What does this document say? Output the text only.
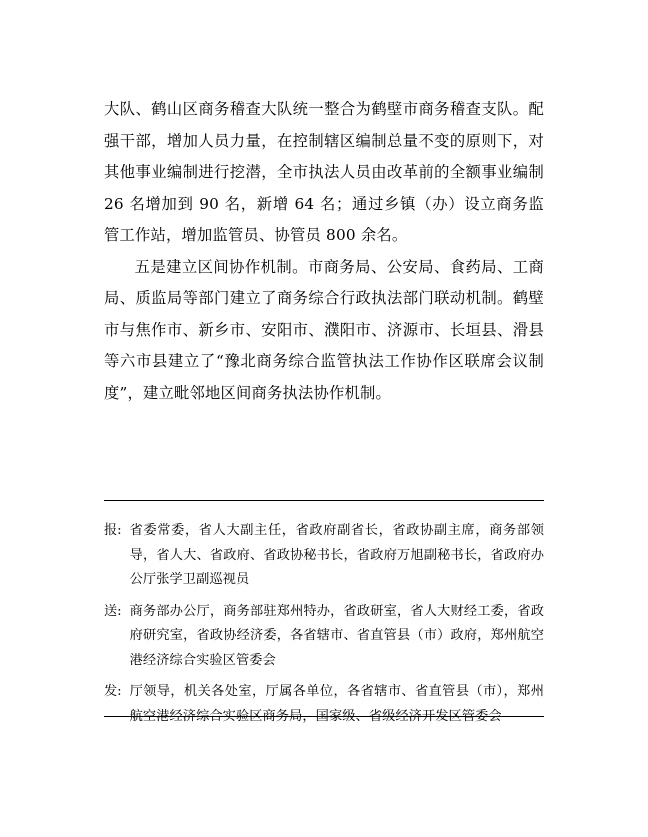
大队、鹤山区商务稽查大队统一整合为鹤壁市商务稽查支队。配强干部，增加人员力量，在控制辖区编制总量不变的原则下，对其他事业编制进行挖潜，全市执法人员由改革前的全额事业编制 26 名增加到 90 名，新增 64 名；通过乡镇（办）设立商务监管工作站，增加监管员、协管员 800 余名。

五是建立区间协作机制。市商务局、公安局、食药局、工商局、质监局等部门建立了商务综合行政执法部门联动机制。鹤壁市与焦作市、新乡市、安阳市、濮阳市、济源市、长垣县、滑县等六市县建立了“豫北商务综合监管执法工作协作区联席会议制度”，建立毗邻地区间商务执法协作机制。

报: 省委常委，省人大副主任，省政府副省长，省政协副主席，商务部领导，省人大、省政府、省政协秘书长，省政府万旭副秘书长，省政府办公厅张学卫副巡视员
送: 商务部办公厅，商务部驻郑州特办，省政研室，省人大财经工委，省政府研究室，省政协经济委，各省辖市、省直管县（市）政府，郑州航空港经济综合实验区管委会
发: 厅领导，机关各处室，厅属各单位，各省辖市、省直管县（市），郑州航空港经济综合实验区商务局，国家级、省级经济开发区管委会
